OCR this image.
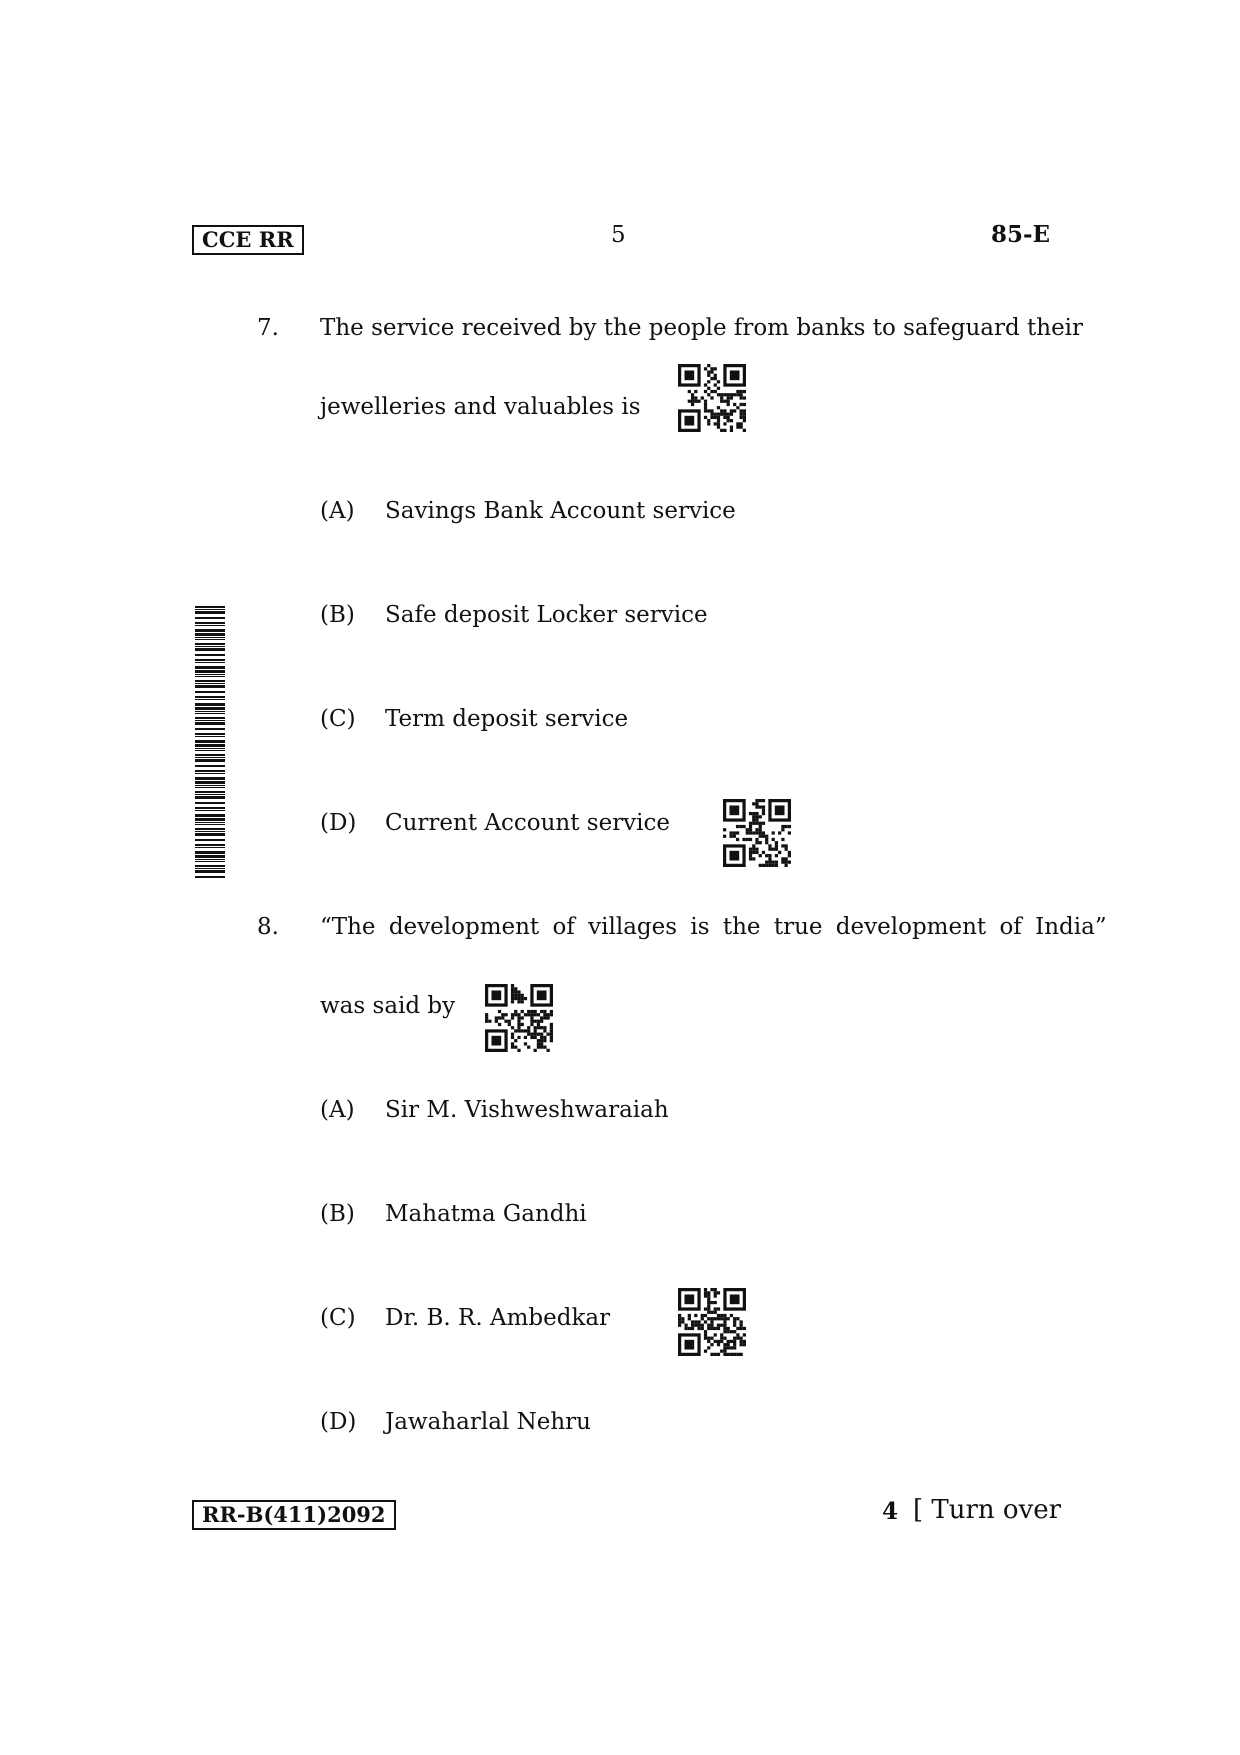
CCE RR	5	85-E
7. The service received by the people from banks to safeguard their
jewelleries and valuables is
(A) Savings Bank Account service
(B) Safe deposit Locker service
(C) Term deposit service
(D) Current Account service
8. “The development of villages is the true development of India”
was said by
(A) Sir M. Vishweshwaraiah
(B) Mahatma Gandhi
(C) Dr. B. R. Ambedkar
(D) Jawaharlal Nehru
RR-B(411)2092	4 [ Turn over
